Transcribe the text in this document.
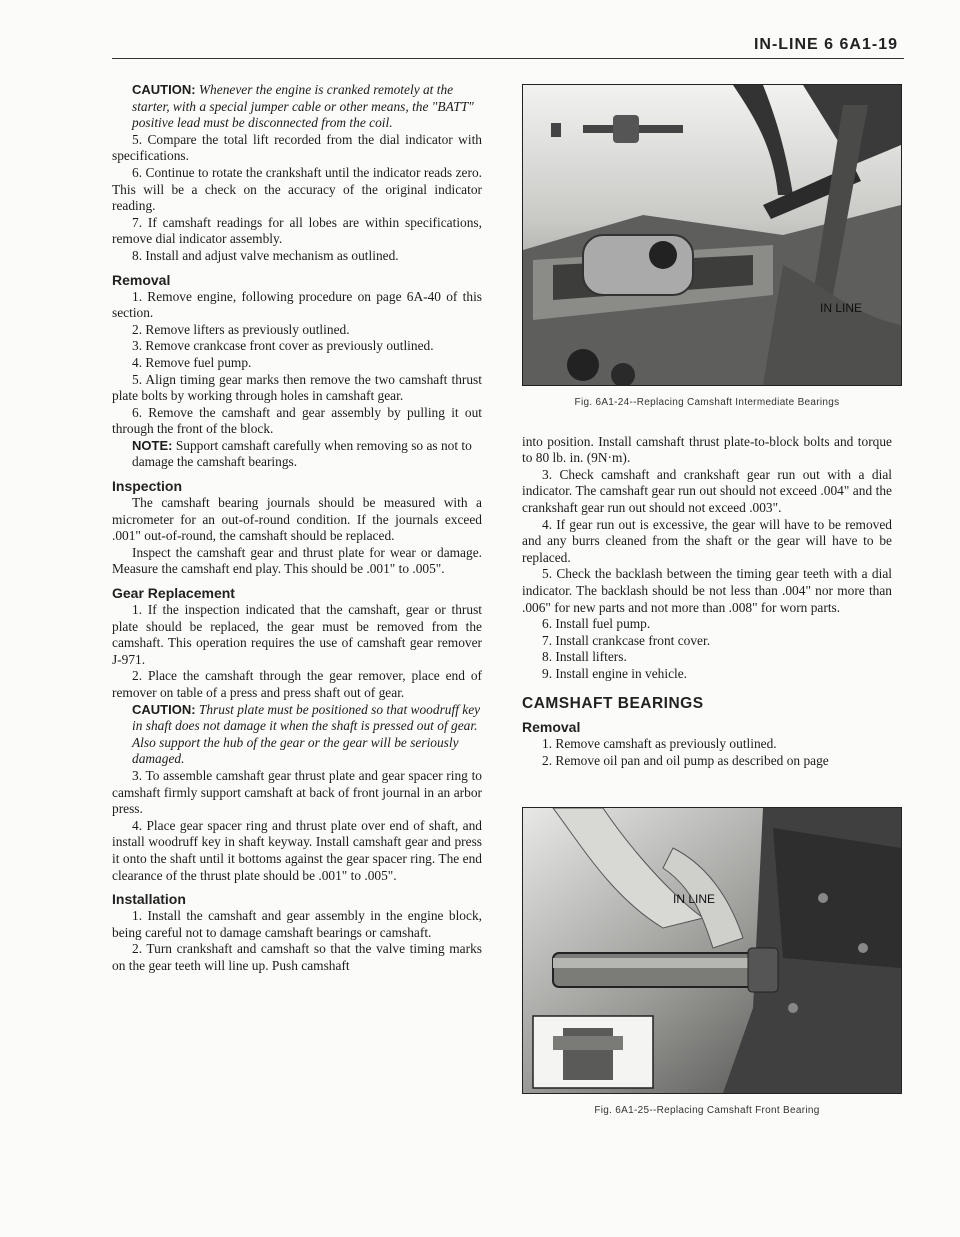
IN-LINE 6 6A1-19

CAUTION: Whenever the engine is cranked remotely at the starter, with a special jumper cable or other means, the "BATT" positive lead must be disconnected from the coil.

5. Compare the total lift recorded from the dial indicator with specifications.

6. Continue to rotate the crankshaft until the indicator reads zero. This will be a check on the accuracy of the original indicator reading.

7. If camshaft readings for all lobes are within specifications, remove dial indicator assembly.

8. Install and adjust valve mechanism as outlined.

Removal

1. Remove engine, following procedure on page 6A-40 of this section.

2. Remove lifters as previously outlined.

3. Remove crankcase front cover as previously outlined.

4. Remove fuel pump.

5. Align timing gear marks then remove the two camshaft thrust plate bolts by working through holes in camshaft gear.

6. Remove the camshaft and gear assembly by pulling it out through the front of the block.

NOTE: Support camshaft carefully when removing so as not to damage the camshaft bearings.

Inspection

The camshaft bearing journals should be measured with a micrometer for an out-of-round condition. If the journals exceed .001" out-of-round, the camshaft should be replaced.

Inspect the camshaft gear and thrust plate for wear or damage. Measure the camshaft end play. This should be .001" to .005".

Gear Replacement

1. If the inspection indicated that the camshaft, gear or thrust plate should be replaced, the gear must be removed from the camshaft. This operation requires the use of camshaft gear remover J-971.

2. Place the camshaft through the gear remover, place end of remover on table of a press and press shaft out of gear.

CAUTION: Thrust plate must be positioned so that woodruff key in shaft does not damage it when the shaft is pressed out of gear. Also support the hub of the gear or the gear will be seriously damaged.

3. To assemble camshaft gear thrust plate and gear spacer ring to camshaft firmly support camshaft at back of front journal in an arbor press.

4. Place gear spacer ring and thrust plate over end of shaft, and install woodruff key in shaft keyway. Install camshaft gear and press it onto the shaft until it bottoms against the gear spacer ring. The end clearance of the thrust plate should be .001" to .005".

Installation

1. Install the camshaft and gear assembly in the engine block, being careful not to damage camshaft bearings or camshaft.

2. Turn crankshaft and camshaft so that the valve timing marks on the gear teeth will line up. Push camshaft

IN LINE
Fig. 6A1-24--Replacing Camshaft Intermediate Bearings

into position. Install camshaft thrust plate-to-block bolts and torque to 80 lb. in. (9N·m).

3. Check camshaft and crankshaft gear run out with a dial indicator. The camshaft gear run out should not exceed .004" and the crankshaft gear run out should not exceed .003".

4. If gear run out is excessive, the gear will have to be removed and any burrs cleaned from the shaft or the gear will have to be replaced.

5. Check the backlash between the timing gear teeth with a dial indicator. The backlash should be not less than .004" nor more than .006" for new parts and not more than .008" for worn parts.

6. Install fuel pump.

7. Install crankcase front cover.

8. Install lifters.

9. Install engine in vehicle.

CAMSHAFT BEARINGS
Removal

1. Remove camshaft as previously outlined.

2. Remove oil pan and oil pump as described on page

IN LINE
Fig. 6A1-25--Replacing Camshaft Front Bearing
